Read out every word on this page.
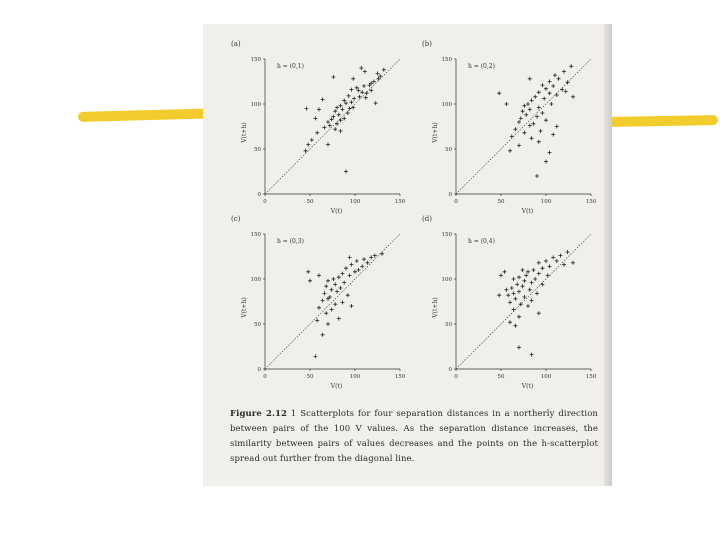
(a)
h = (0,1)
0	50	100	150
0
50
100
150
V(t)
V(t+h)
(b)
h = (0,2)
0	50	100	150
0
50
100
150
V(t)
V(t+h)
(c)
h = (0,3)
0	50	100	150
0
50
100
150
V(t)
V(t+h)
(d)
h = (0,4)
0	50	100	150
0
50
100
150
V(t)
V(t+h)
Figure 2.12 1 Scatterplots for four separation distances in a northerly direction between pairs of the 100 V values. As the separation distance increases, the similarity between pairs of values decreases and the points on the h-scatterplot spread out further from the diagonal line.
